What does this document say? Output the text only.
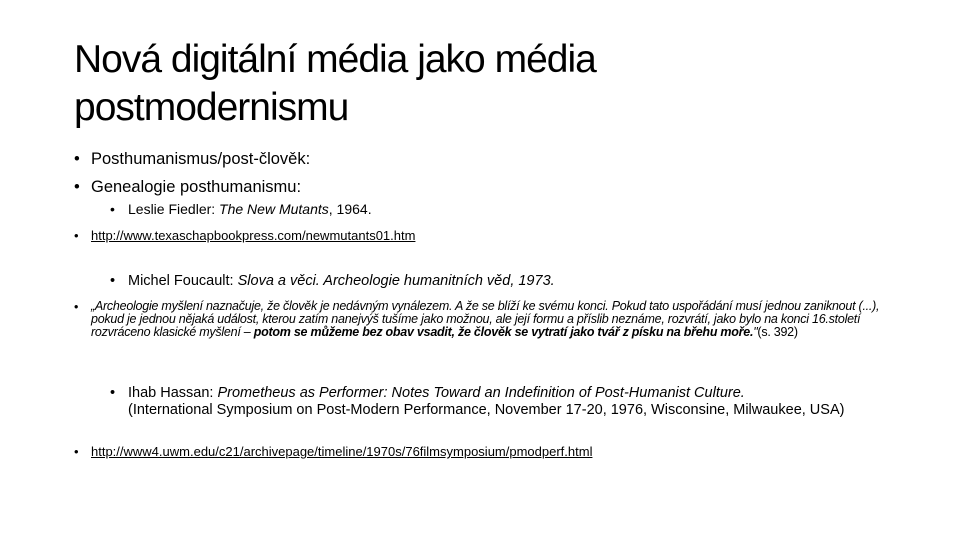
Nová digitální média jako média
postmodernismu
• Posthumanismus/post-člověk:
• Genealogie posthumanismu:
• Leslie Fiedler: The New Mutants, 1964.
• http://www.texaschapbookpress.com/newmutants01.htm
• Michel Foucault: Slova a věci. Archeologie humanitních věd, 1973.
•	„Archeologie myšlení naznačuje, že člověk je nedávným vynálezem. A že se blíží ke svému konci. Pokud tato uspořádání musí jednou zaniknout (...), pokud je jednou nějaká událost, kterou zatím nanejvýš tušíme jako možnou, ale její formu a příslib neznáme, rozvrátí, jako bylo na konci 16.století rozvráceno klasické myšlení – potom se můžeme bez obav vsadit, že člověk se vytratí jako tvář z písku na břehu moře."(s. 392)
• Ihab Hassan: Prometheus as Performer: Notes Toward an Indefinition of Post-Humanist Culture.
(International Symposium on Post-Modern Performance, November 17-20, 1976, Wisconsine, Milwaukee, USA)
• http://www4.uwm.edu/c21/archivepage/timeline/1970s/76filmsymposium/pmodperf.html
